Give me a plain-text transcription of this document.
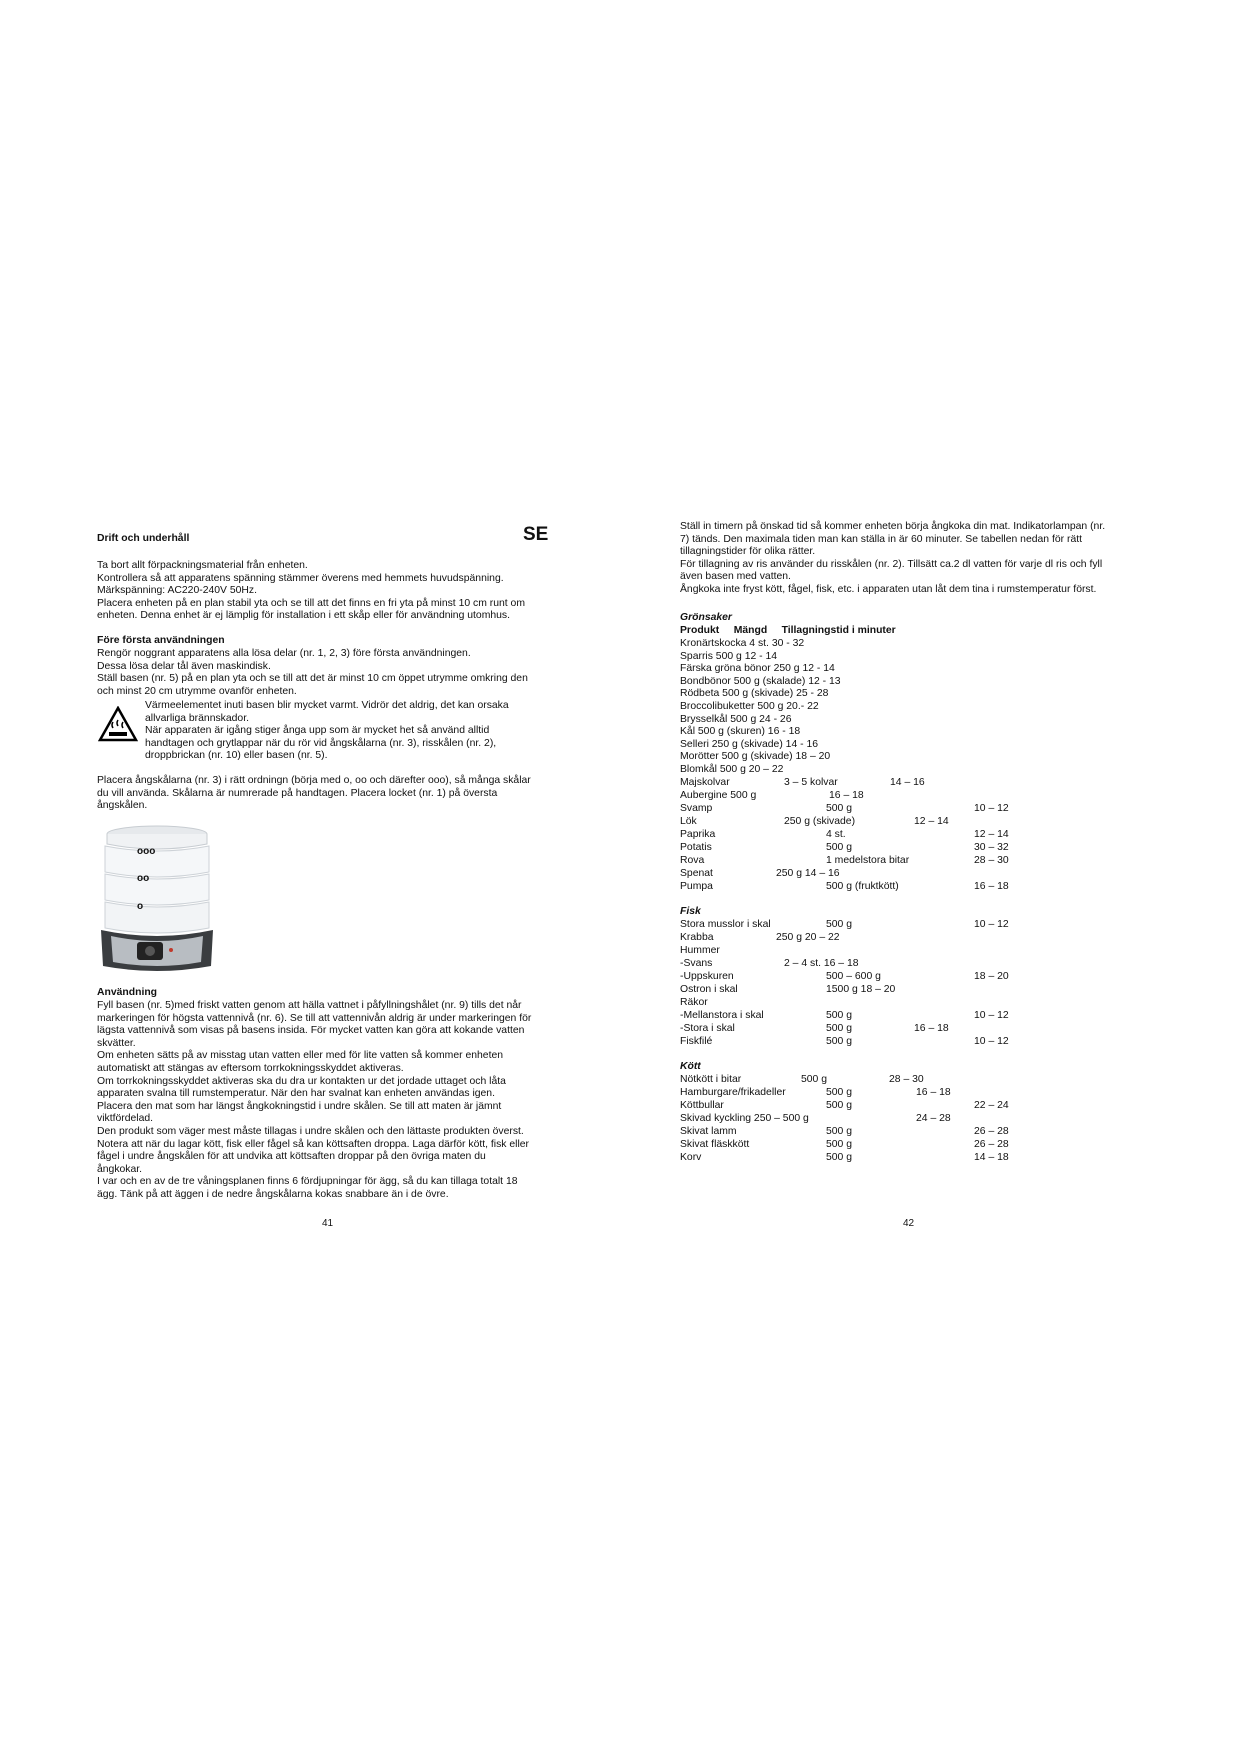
Drift och underhåll	SE
Ta bort allt förpackningsmaterial från enheten.
Kontrollera så att apparatens spänning stämmer överens med hemmets huvudspänning.
Märkspänning: AC220-240V 50Hz.
Placera enheten på en plan stabil yta och se till att det finns en fri yta på minst 10 cm runt om
enheten. Denna enhet är ej lämplig för installation i ett skåp eller för användning utomhus.
Före första användningen
Rengör noggrant apparatens alla lösa delar (nr. 1, 2, 3) före första användningen.
Dessa lösa delar tål även maskindisk.
Ställ basen (nr. 5) på en plan yta och se till att det är minst 10 cm öppet utrymme omkring den
och minst 20 cm utrymme ovanför enheten.
Värmeelementet inuti basen blir mycket varmt. Vidrör det aldrig, det kan orsaka
allvarliga brännskador.
När apparaten är igång stiger ånga upp som är mycket het så använd alltid
handtagen och grytlappar när du rör vid ångskålarna (nr. 3), risskålen (nr. 2),
droppbrickan (nr. 10) eller basen (nr. 5).
Placera ångskålarna (nr. 3) i rätt ordningn (börja med o, oo och därefter ooo), så många skålar
du vill använda. Skålarna är numrerade på handtagen. Placera locket (nr. 1) på översta
ångskålen.
ooo
oo
o
Användning
Fyll basen (nr. 5)med friskt vatten genom att hälla vattnet i påfyllningshålet (nr. 9) tills det når
markeringen för högsta vattennivå (nr. 6). Se till att vattennivån aldrig är under markeringen för
lägsta vattennivå som visas på basens insida. För mycket vatten kan göra att kokande vatten
skvätter.
Om enheten sätts på av misstag utan vatten eller med för lite vatten så kommer enheten
automatiskt att stängas av eftersom torrkokningsskyddet aktiveras.
Om torrkokningsskyddet aktiveras ska du dra ur kontakten ur det jordade uttaget och låta
apparaten svalna till rumstemperatur. När den har svalnat kan enheten användas igen.
Placera den mat som har längst ångkokningstid i undre skålen. Se till att maten är jämnt
viktfördelad.
Den produkt som väger mest måste tillagas i undre skålen och den lättaste produkten överst.
Notera att när du lagar kött, fisk eller fågel så kan köttsaften droppa. Laga därför kött, fisk eller
fågel i undre ångskålen för att undvika att köttsaften droppar på den övriga maten du
ångkokar.
I var och en av de tre våningsplanen finns 6 fördjupningar för ägg, så du kan tillaga totalt 18
ägg. Tänk på att äggen i de nedre ångskålarna kokas snabbare än i de övre.
41
Ställ in timern på önskad tid så kommer enheten börja ångkoka din mat. Indikatorlampan (nr.
7) tänds. Den maximala tiden man kan ställa in är 60 minuter. Se tabellen nedan för rätt
tillagningstider för olika rätter.
För tillagning av ris använder du risskålen (nr. 2). Tillsätt ca.2 dl vatten för varje dl ris och fyll
även basen med vatten.
Ångkoka inte fryst kött, fågel, fisk, etc. i apparaten utan låt dem tina i rumstemperatur först.
Grönsaker
Produkt     Mängd     Tillagningstid i minuter
Kronärtskocka 4 st. 30 - 32
Sparris 500 g 12 - 14
Färska gröna bönor 250 g 12 - 14
Bondbönor 500 g (skalade) 12 - 13
Rödbeta 500 g (skivade) 25 - 28
Broccolibuketter 500 g 20.- 22
Brysselkål 500 g 24 - 26
Kål 500 g (skuren) 16 - 18
Selleri 250 g (skivade) 14 - 16
Morötter 500 g (skivade) 18 – 20
Blomkål 500 g 20 – 22
Majskolvar	3 – 5 kolvar	14 – 16
Aubergine 500 g	16 – 18
Svamp	500 g	10 – 12
Lök	250 g (skivade)	12 – 14
Paprika	4 st.	12 – 14
Potatis	500 g	30 – 32
Rova	1 medelstora bitar	28 – 30
Spenat	250 g 14 – 16
Pumpa	500 g (fruktkött)	16 – 18
Fisk
Stora musslor i skal	500 g	10 – 12
Krabba	250 g 20 – 22
Hummer
-Svans	2 – 4 st. 16 – 18
-Uppskuren	500 – 600 g	18 – 20
Ostron i skal	1500 g 18 – 20
Räkor
-Mellanstora i skal	500 g	10 – 12
-Stora i skal	500 g	16 – 18
Fiskfilé	500 g	10 – 12
Kött
Nötkött i bitar	500 g	28 – 30
Hamburgare/frikadeller	500 g	16 – 18
Köttbullar	500 g	22 – 24
Skivad kyckling 250 – 500 g	24 – 28
Skivat lamm	500 g	26 – 28
Skivat fläskkött	500 g	26 – 28
Korv	500 g	14 – 18
42
